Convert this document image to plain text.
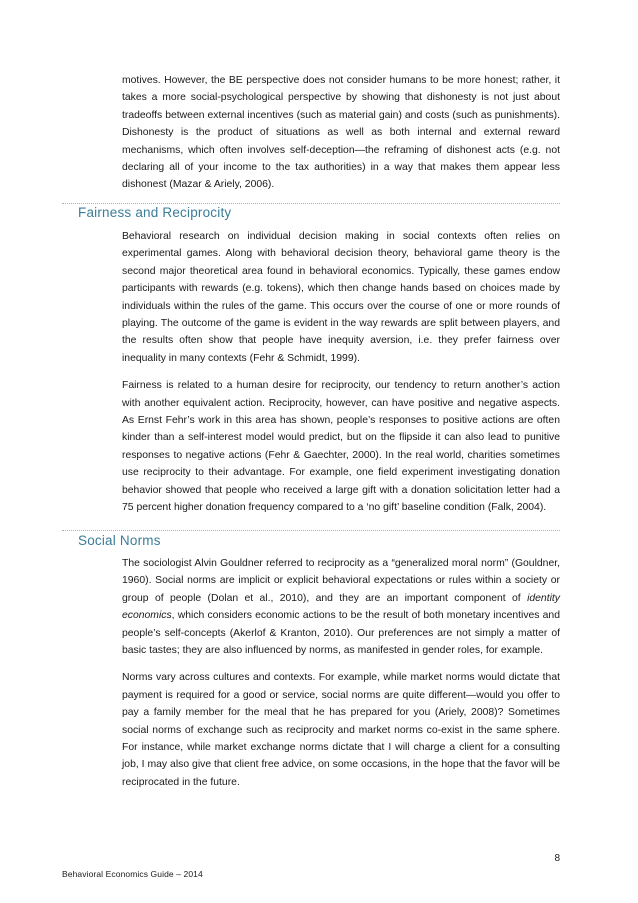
motives. However, the BE perspective does not consider humans to be more honest; rather, it takes a more social-psychological perspective by showing that dishonesty is not just about tradeoffs between external incentives (such as material gain) and costs (such as punishments). Dishonesty is the product of situations as well as both internal and external reward mechanisms, which often involves self-deception—the reframing of dishonest acts (e.g. not declaring all of your income to the tax authorities) in a way that makes them appear less dishonest (Mazar & Ariely, 2006).

Fairness and Reciprocity

Behavioral research on individual decision making in social contexts often relies on experimental games. Along with behavioral decision theory, behavioral game theory is the second major theoretical area found in behavioral economics. Typically, these games endow participants with rewards (e.g. tokens), which then change hands based on choices made by individuals within the rules of the game. This occurs over the course of one or more rounds of playing. The outcome of the game is evident in the way rewards are split between players, and the results often show that people have inequity aversion, i.e. they prefer fairness over inequality in many contexts (Fehr & Schmidt, 1999).

Fairness is related to a human desire for reciprocity, our tendency to return another’s action with another equivalent action. Reciprocity, however, can have positive and negative aspects. As Ernst Fehr’s work in this area has shown, people’s responses to positive actions are often kinder than a self-interest model would predict, but on the flipside it can also lead to punitive responses to negative actions (Fehr & Gaechter, 2000). In the real world, charities sometimes use reciprocity to their advantage. For example, one field experiment investigating donation behavior showed that people who received a large gift with a donation solicitation letter had a 75 percent higher donation frequency compared to a ‘no gift’ baseline condition (Falk, 2004).

Social Norms

The sociologist Alvin Gouldner referred to reciprocity as a “generalized moral norm” (Gouldner, 1960). Social norms are implicit or explicit behavioral expectations or rules within a society or group of people (Dolan et al., 2010), and they are an important component of identity economics, which considers economic actions to be the result of both monetary incentives and people’s self-concepts (Akerlof & Kranton, 2010). Our preferences are not simply a matter of basic tastes; they are also influenced by norms, as manifested in gender roles, for example.

Norms vary across cultures and contexts. For example, while market norms would dictate that payment is required for a good or service, social norms are quite different—would you offer to pay a family member for the meal that he has prepared for you (Ariely, 2008)? Sometimes social norms of exchange such as reciprocity and market norms co-exist in the same sphere. For instance, while market exchange norms dictate that I will charge a client for a consulting job, I may also give that client free advice, on some occasions, in the hope that the favor will be reciprocated in the future.

8
Behavioral Economics Guide – 2014
